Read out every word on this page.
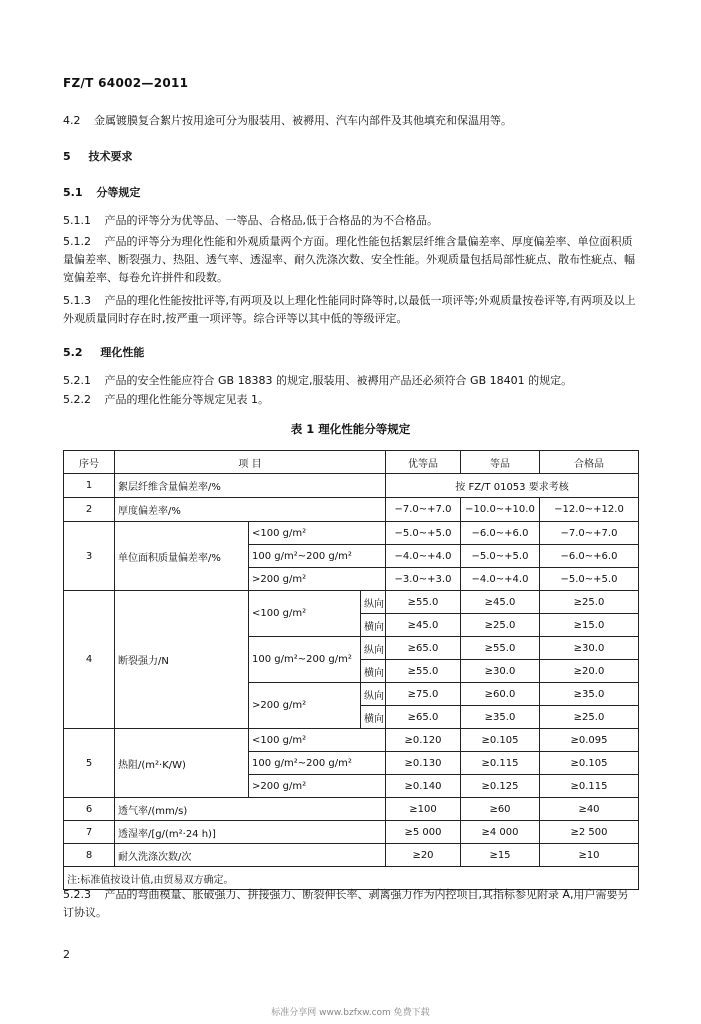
FZ/T 64002—2011
4.2 金属镀膜复合絮片按用途可分为服装用、被褥用、汽车内部件及其他填充和保温用等。
5 技术要求
5.1 分等规定
5.1.1 产品的评等分为优等品、一等品、合格品,低于合格品的为不合格品。
5.1.2 产品的评等分为理化性能和外观质量两个方面。理化性能包括絮层纤维含量偏差率、厚度偏差率、单位面积质量偏差率、断裂强力、热阻、透气率、透湿率、耐久洗涤次数、安全性能。外观质量包括局部性疵点、散布性疵点、幅宽偏差率、每卷允许拼件和段数。
5.1.3 产品的理化性能按批评等,有两项及以上理化性能同时降等时,以最低一项评等;外观质量按卷评等,有两项及以上外观质量同时存在时,按严重一项评等。综合评等以其中低的等级评定。
5.2 理化性能
5.2.1 产品的安全性能应符合 GB 18383 的规定,服装用、被褥用产品还必须符合 GB 18401 的规定。
5.2.2 产品的理化性能分等规定见表 1。
表 1 理化性能分等规定
序号	项 目			优等品	等品	合格品
1	絮层纤维含量偏差率/%			按 FZ/T 01053 要求考核		
2	厚度偏差率/%			−7.0~+7.0	−10.0~+10.0	−12.0~+12.0
3	单位面积质量偏差率/%	<100 g/m²		−5.0~+5.0	−6.0~+6.0	−7.0~+7.0
		100 g/m²~200 g/m²		−4.0~+4.0	−5.0~+5.0	−6.0~+6.0
		>200 g/m²		−3.0~+3.0	−4.0~+4.0	−5.0~+5.0
4	断裂强力/N	<100 g/m²	纵向	≥55.0	≥45.0	≥25.0
			横向	≥45.0	≥25.0	≥15.0
		100 g/m²~200 g/m²	纵向	≥65.0	≥55.0	≥30.0
			横向	≥55.0	≥30.0	≥20.0
		>200 g/m²	纵向	≥75.0	≥60.0	≥35.0
			横向	≥65.0	≥35.0	≥25.0
5	热阻/(m²·K/W)	<100 g/m²		≥0.120	≥0.105	≥0.095
		100 g/m²~200 g/m²		≥0.130	≥0.115	≥0.105
		>200 g/m²		≥0.140	≥0.125	≥0.115
6	透气率/(mm/s)			≥100	≥60	≥40
7	透湿率/[g/(m²·24 h)]			≥5 000	≥4 000	≥2 500
8	耐久洗涤次数/次			≥20	≥15	≥10
注:标准值按设计值,由贸易双方确定。						
5.2.3 产品的弯曲模量、胀破强力、拼接强力、断裂伸长率、剥离强力作为内控项目,其指标参见附录 A,用户需要另订协议。
2
标准分享网 www.bzfxw.com 免费下载
